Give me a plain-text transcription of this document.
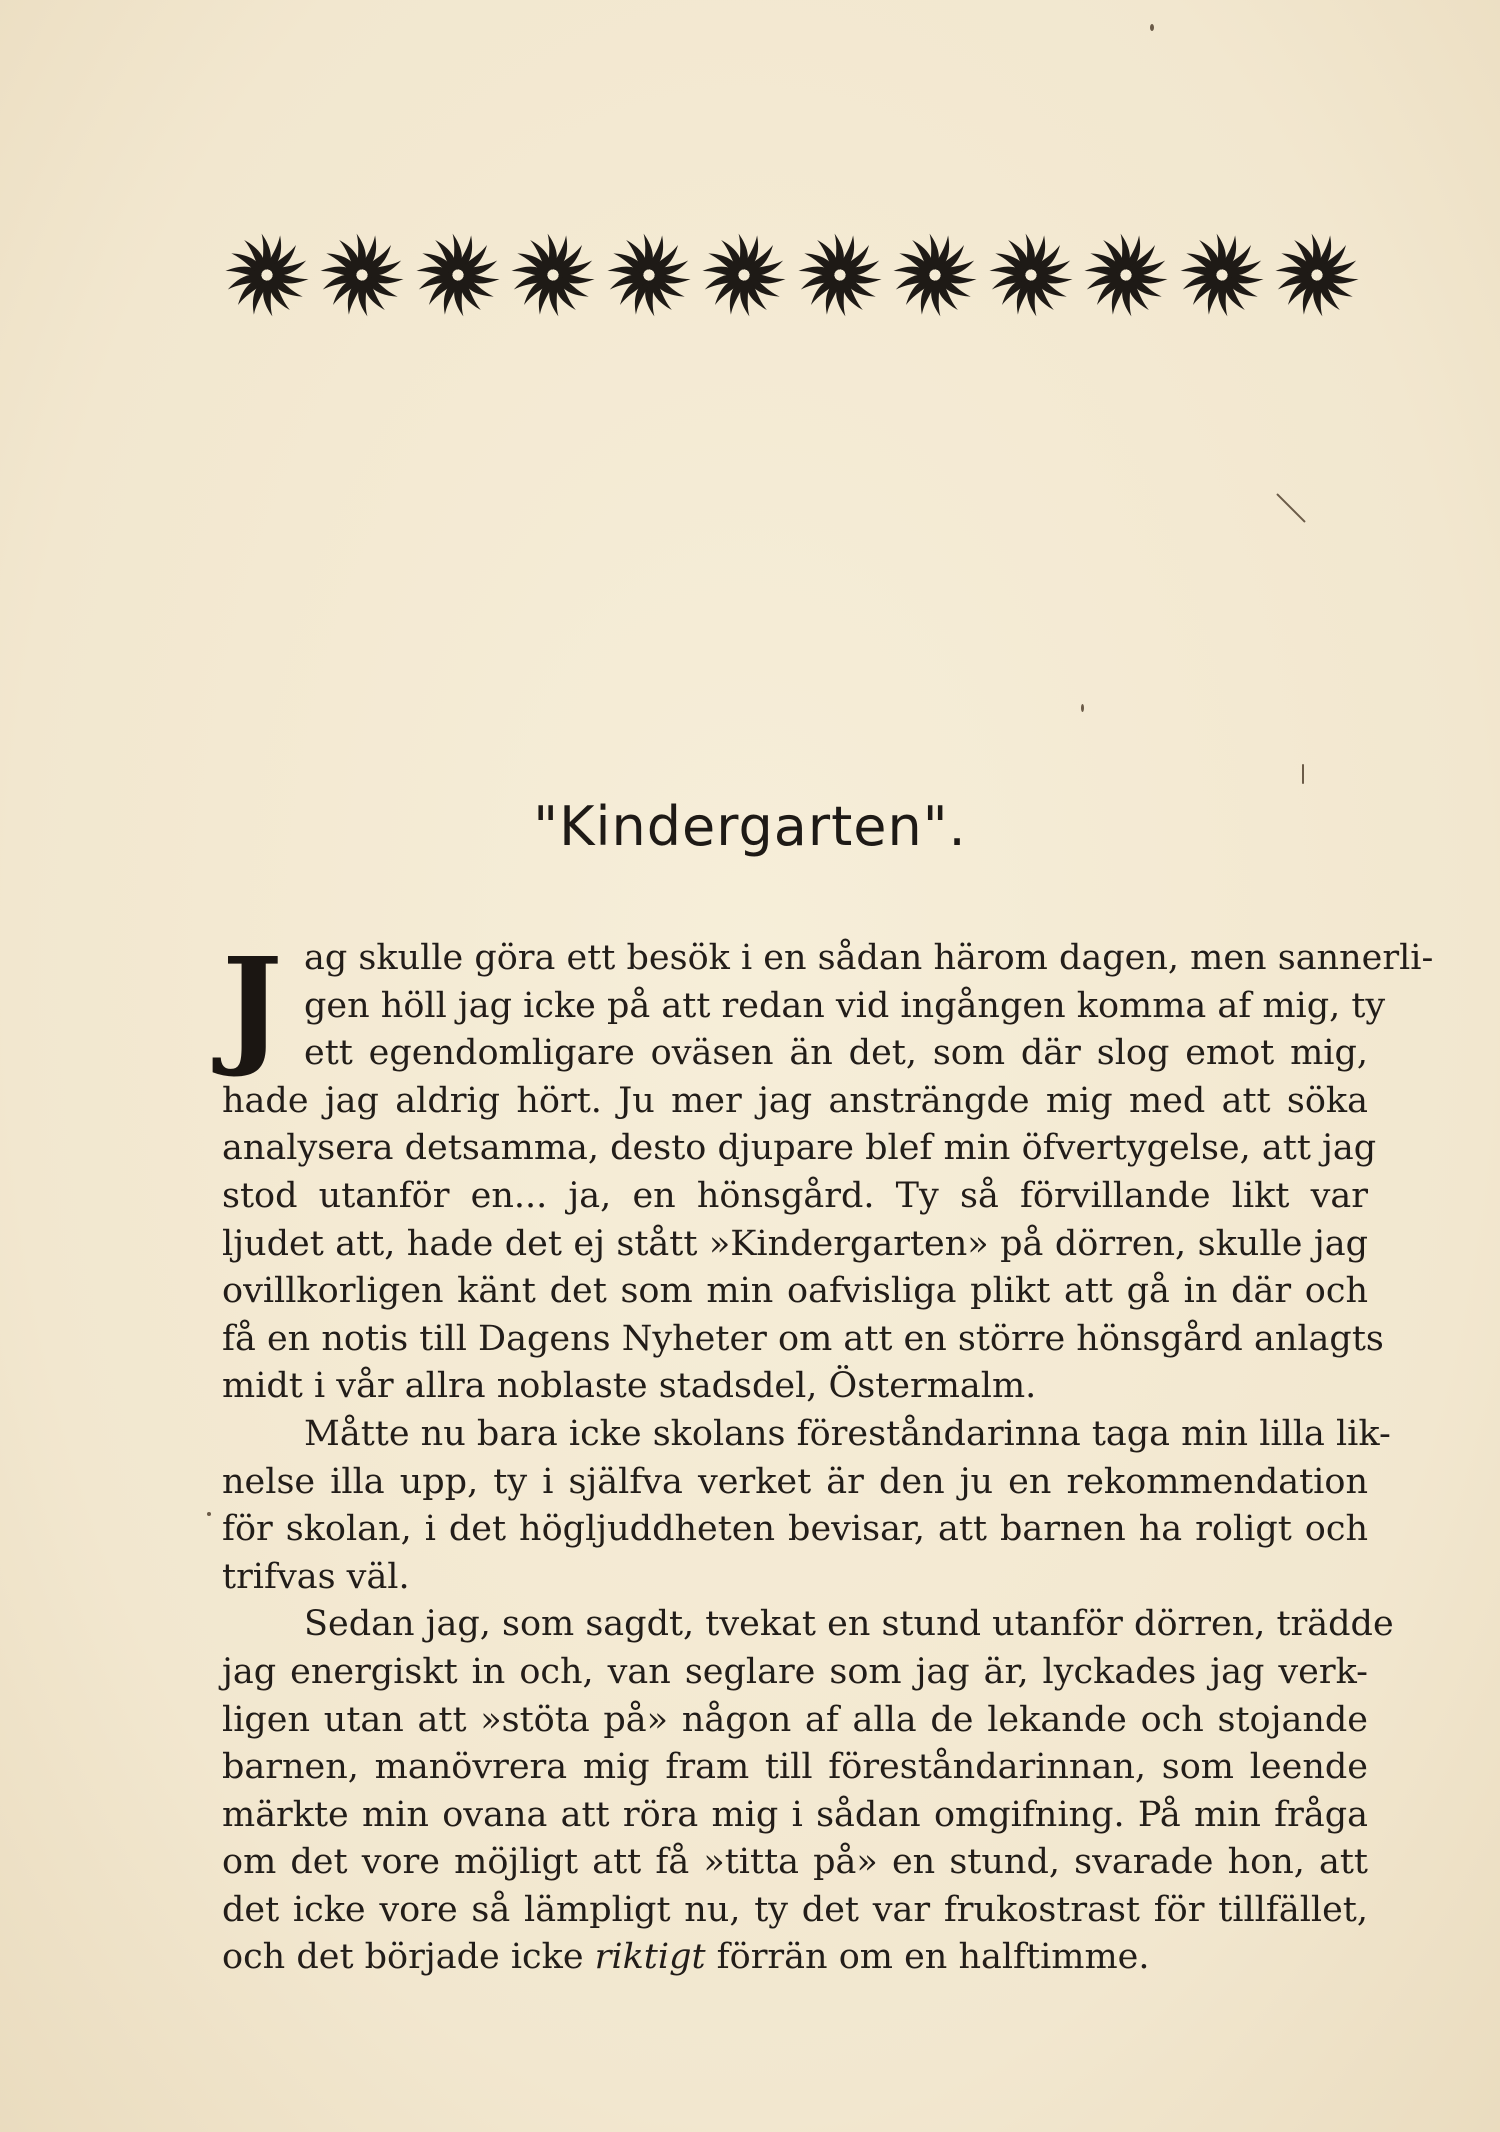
"Kindergarten".
J ag skulle göra ett besök i en sådan härom dagen, men sannerli-
gen höll jag icke på att redan vid ingången komma af mig, ty
ett egendomligare oväsen än det, som där slog emot mig,
hade jag aldrig hört. Ju mer jag ansträngde mig med att söka
analysera detsamma, desto djupare blef min öfvertygelse, att jag
stod utanför en... ja, en hönsgård. Ty så förvillande likt var
ljudet att, hade det ej stått »Kindergarten» på dörren, skulle jag
ovillkorligen känt det som min oafvisliga plikt att gå in där och
få en notis till Dagens Nyheter om att en större hönsgård anlagts
midt i vår allra noblaste stadsdel, Östermalm.
Måtte nu bara icke skolans föreståndarinna taga min lilla lik-
nelse illa upp, ty i själfva verket är den ju en rekommendation
för skolan, i det högljuddheten bevisar, att barnen ha roligt och
trifvas väl.
Sedan jag, som sagdt, tvekat en stund utanför dörren, trädde
jag energiskt in och, van seglare som jag är, lyckades jag verk-
ligen utan att »stöta på» någon af alla de lekande och stojande
barnen, manövrera mig fram till föreståndarinnan, som leende
märkte min ovana att röra mig i sådan omgifning. På min fråga
om det vore möjligt att få »titta på» en stund, svarade hon, att
det icke vore så lämpligt nu, ty det var frukostrast för tillfället,
och det började icke riktigt förrän om en halftimme.
